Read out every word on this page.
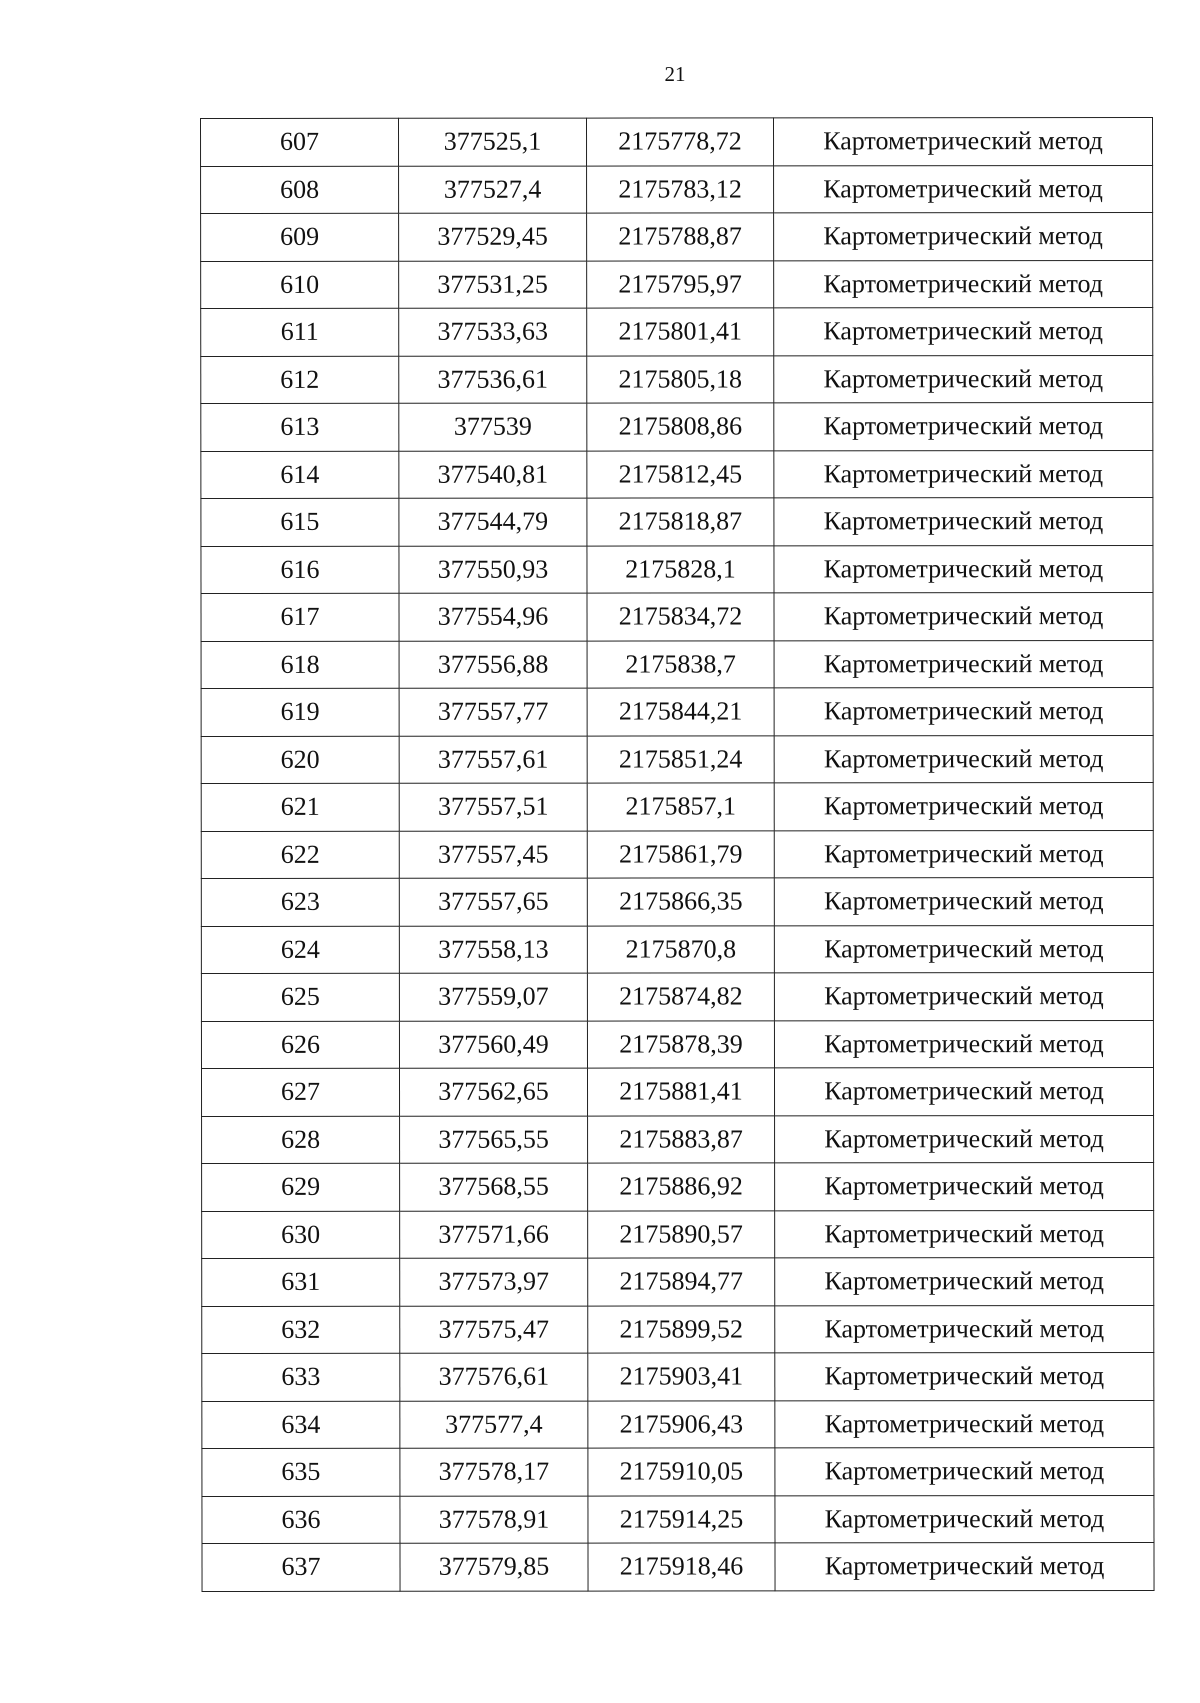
21
607	377525,1	2175778,72	Картометрический метод
608	377527,4	2175783,12	Картометрический метод
609	377529,45	2175788,87	Картометрический метод
610	377531,25	2175795,97	Картометрический метод
611	377533,63	2175801,41	Картометрический метод
612	377536,61	2175805,18	Картометрический метод
613	377539	2175808,86	Картометрический метод
614	377540,81	2175812,45	Картометрический метод
615	377544,79	2175818,87	Картометрический метод
616	377550,93	2175828,1	Картометрический метод
617	377554,96	2175834,72	Картометрический метод
618	377556,88	2175838,7	Картометрический метод
619	377557,77	2175844,21	Картометрический метод
620	377557,61	2175851,24	Картометрический метод
621	377557,51	2175857,1	Картометрический метод
622	377557,45	2175861,79	Картометрический метод
623	377557,65	2175866,35	Картометрический метод
624	377558,13	2175870,8	Картометрический метод
625	377559,07	2175874,82	Картометрический метод
626	377560,49	2175878,39	Картометрический метод
627	377562,65	2175881,41	Картометрический метод
628	377565,55	2175883,87	Картометрический метод
629	377568,55	2175886,92	Картометрический метод
630	377571,66	2175890,57	Картометрический метод
631	377573,97	2175894,77	Картометрический метод
632	377575,47	2175899,52	Картометрический метод
633	377576,61	2175903,41	Картометрический метод
634	377577,4	2175906,43	Картометрический метод
635	377578,17	2175910,05	Картометрический метод
636	377578,91	2175914,25	Картометрический метод
637	377579,85	2175918,46	Картометрический метод
